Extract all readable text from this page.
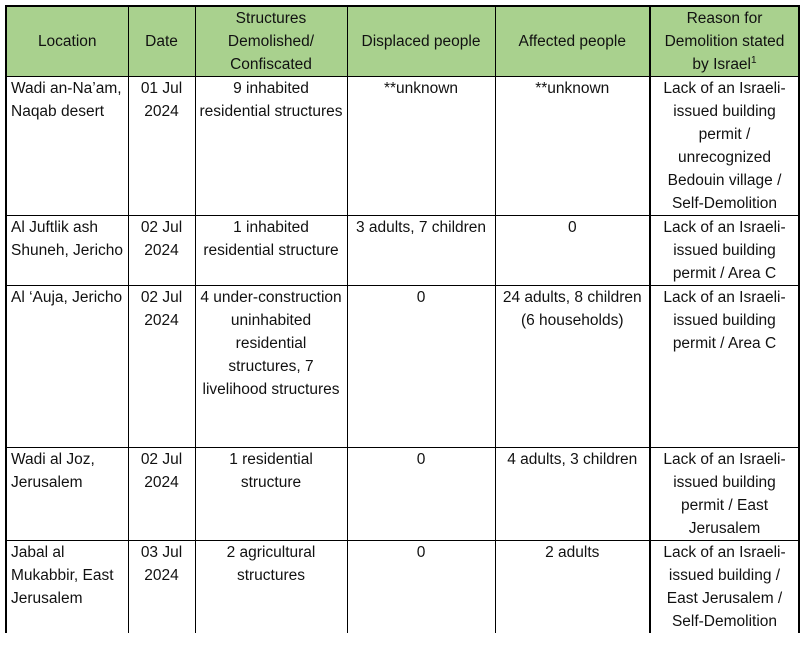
Location	Date	Structures Demolished/ Confiscated	Displaced people	Affected people	Reason for Demolition stated by Israel$^1$
Wadi an-Na’am, Naqab desert	01 Jul 2024	9 inhabited residential structures	**unknown	**unknown	Lack of an Israeli-issued building permit / unrecognized Bedouin village / Self-Demolition
Al Juftlik ash Shuneh, Jericho	02 Jul 2024	1 inhabited residential structure	3 adults, 7 children	0	Lack of an Israeli-issued building permit / Area C
Al ‘Auja, Jericho	02 Jul 2024	4 under-construction uninhabited residential structures, 7 livelihood structures	0	24 adults, 8 children (6 households)	Lack of an Israeli-issued building permit / Area C
Wadi al Joz, Jerusalem	02 Jul 2024	1 residential structure	0	4 adults, 3 children	Lack of an Israeli-issued building permit / East Jerusalem
Jabal al Mukabbir, East Jerusalem	03 Jul 2024	2 agricultural structures	0	2 adults	Lack of an Israeli-issued building / East Jerusalem / Self-Demolition
